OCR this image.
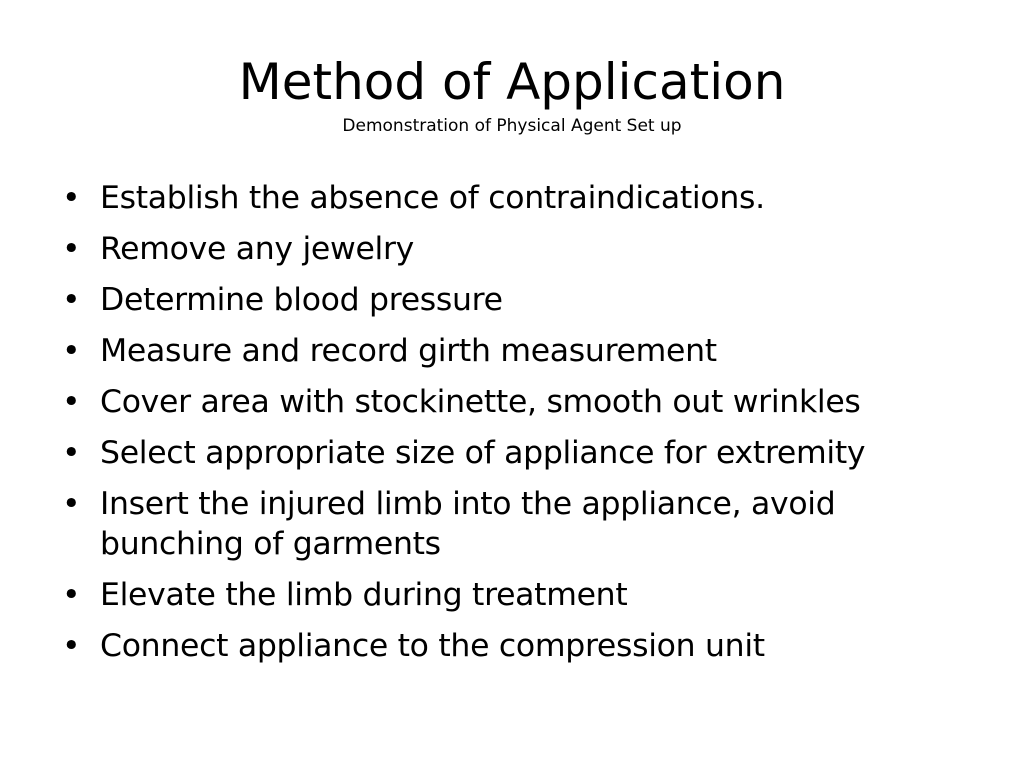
Method of Application
Demonstration of Physical Agent Set up
• Establish the absence of contraindications.
• Remove any jewelry
• Determine blood pressure
• Measure and record girth measurement
• Cover area with stockinette, smooth out wrinkles
• Select appropriate size of appliance for extremity
• Insert the injured limb into the appliance, avoid bunching of garments
• Elevate the limb during treatment
• Connect appliance to the compression unit
